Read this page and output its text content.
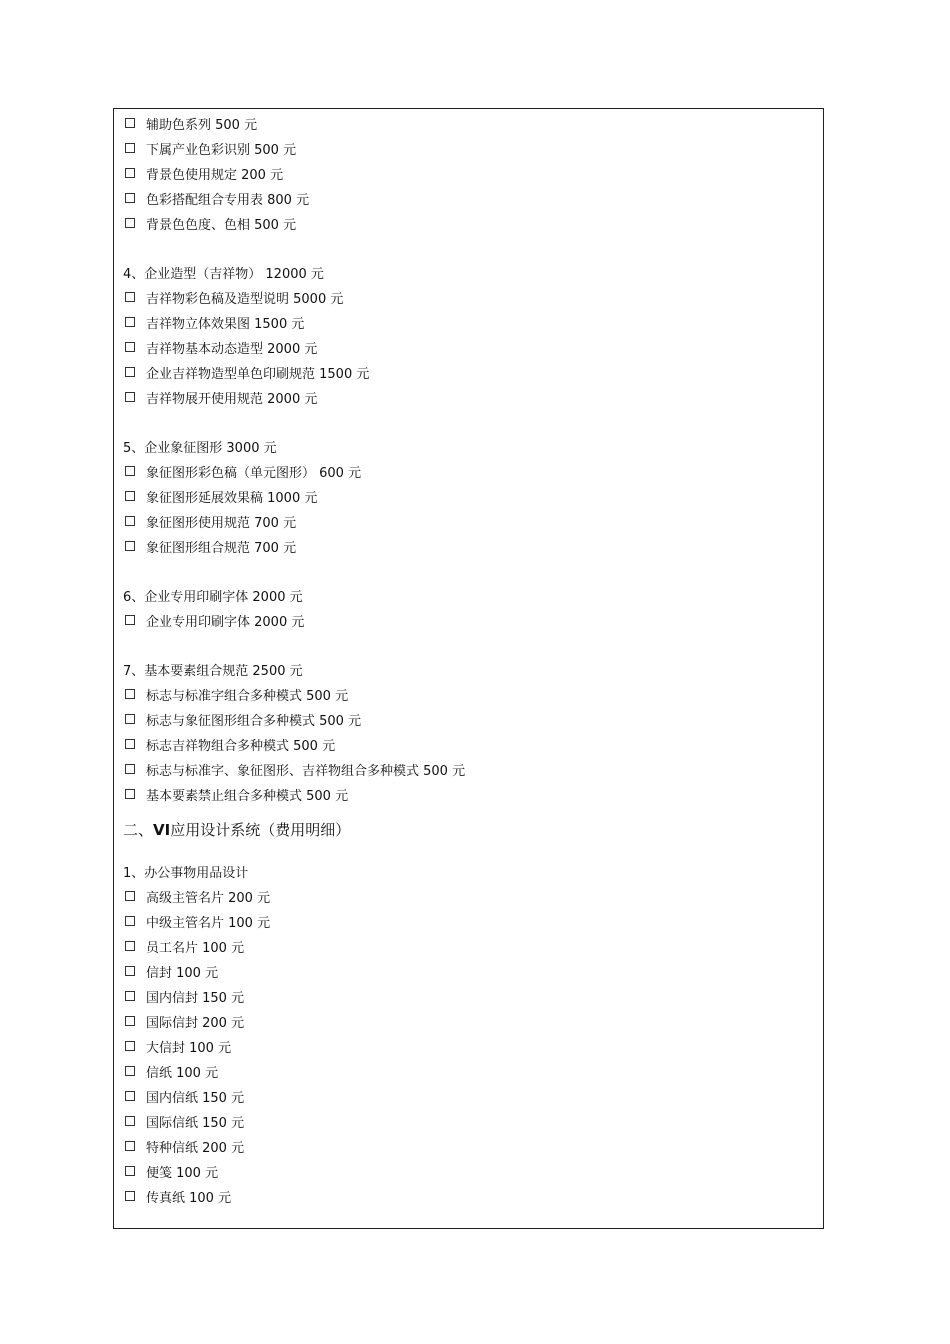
辅助色系列 500 元
下属产业色彩识别 500 元
背景色使用规定 200 元
色彩搭配组合专用表 800 元
背景色色度、色相 500 元
4、企业造型（吉祥物） 12000 元
吉祥物彩色稿及造型说明 5000 元
吉祥物立体效果图 1500 元
吉祥物基本动态造型 2000 元
企业吉祥物造型单色印刷规范 1500 元
吉祥物展开使用规范 2000 元
5、企业象征图形 3000 元
象征图形彩色稿（单元图形） 600 元
象征图形延展效果稿 1000 元
象征图形使用规范 700 元
象征图形组合规范 700 元
6、企业专用印刷字体 2000 元
企业专用印刷字体 2000 元
7、基本要素组合规范 2500 元
标志与标准字组合多种模式 500 元
标志与象征图形组合多种模式 500 元
标志吉祥物组合多种模式 500 元
标志与标准字、象征图形、吉祥物组合多种模式 500 元
基本要素禁止组合多种模式 500 元
二、 VI 应用设计系统（费用明细）
1、办公事物用品设计
高级主管名片 200 元
中级主管名片 100 元
员工名片 100 元
信封 100 元
国内信封 150 元
国际信封 200 元
大信封 100 元
信纸 100 元
国内信纸 150 元
国际信纸 150 元
特种信纸 200 元
便笺 100 元
传真纸 100 元
